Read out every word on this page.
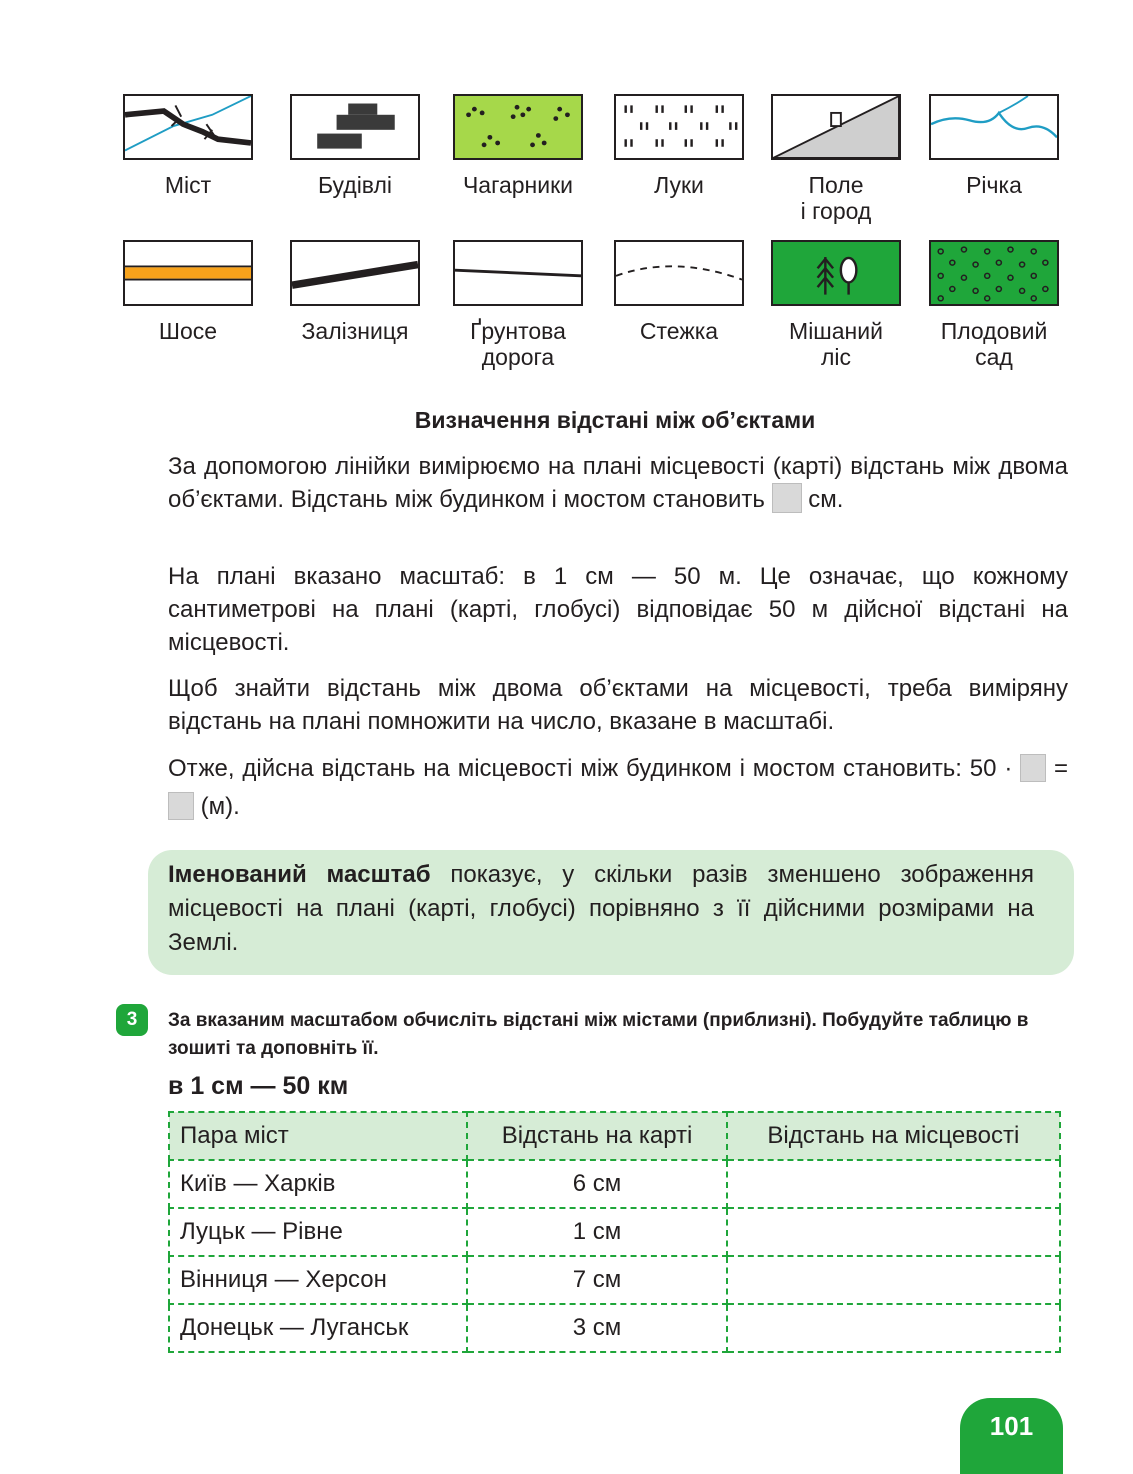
Міст	Будівлі	Чагарники	Луки	Поле
і город
Річка
Шосе	Залізниця	Ґрунтова
дорога
Стежка	Мішаний
ліс
Плодовий
сад
Визначення відстані між об’єктами
За допомогою лінійки вимірюємо на плані місцевості (карті) відстань між двома об’єктами. Відстань між будинком і мостом становить  см.
На плані вказано масштаб: в 1 см — 50 м. Це означає, що кожному сантиметрові на плані (карті, глобусі) відповідає 50 м дійсної відстані на місцевості.
Щоб знайти відстань між двома об’єктами на місцевості, треба виміряну відстань на плані помножити на число, вказане в масштабі.
Отже, дійсна відстань на місцевості між будинком і мостом становить: 50 ·  =  (м).
Іменований масштаб показує, у скільки разів зменшено зображення місцевості на плані (карті, глобусі) порівняно з її дійсними розмірами на Землі.
3	За вказаним масштабом обчисліть відстані між містами (приблизні). Побудуйте таблицю в зошиті та доповніть її.
в 1 см — 50 км
Пара міст	Відстань на карті	Відстань на місцевості
Київ — Харків	6 см	
Луцьк — Рівне	1 см	
Вінниця — Херсон	7 см	
Донецьк — Луганськ	3 см	
101
